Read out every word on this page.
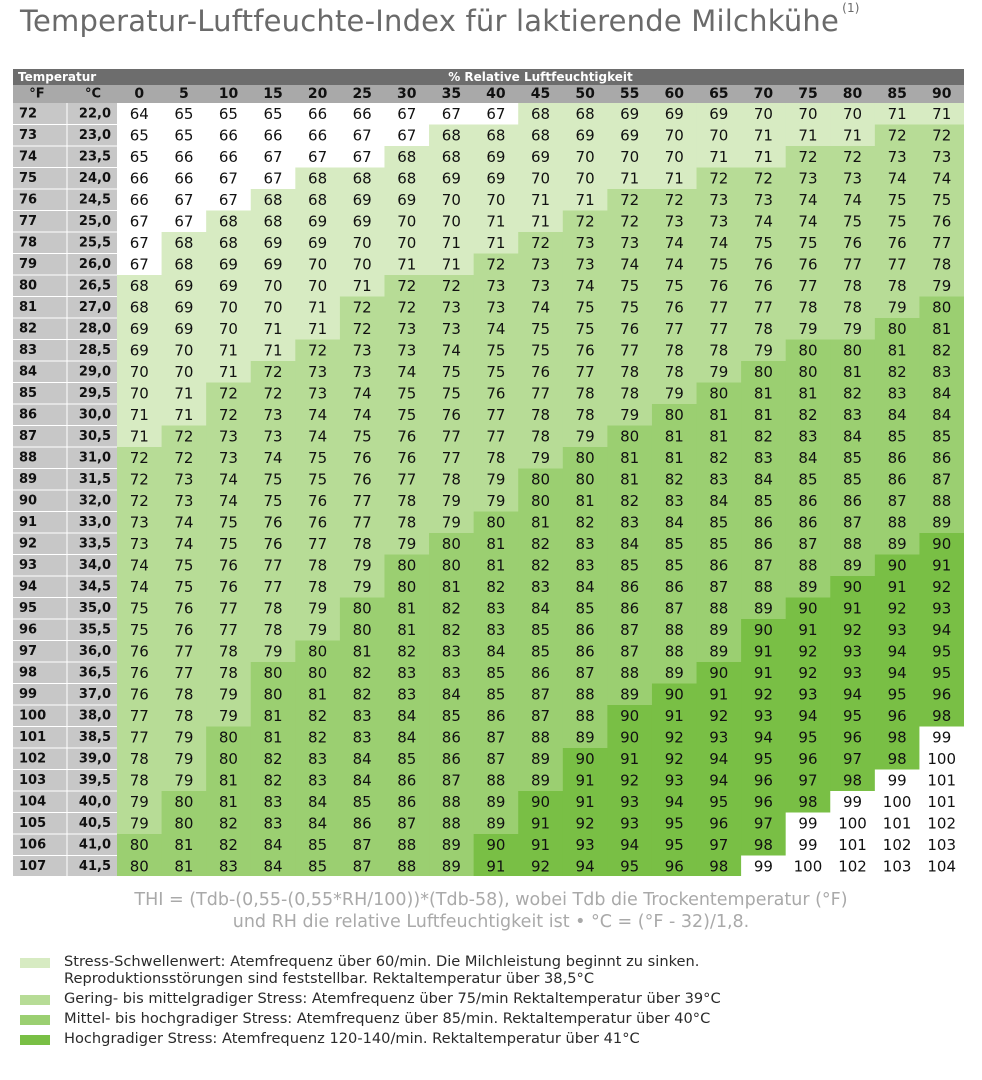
Temperatur-Luftfeuchte-Index für laktierende Milchkühe $^{(1)}$
Temperatur	% Relative Luftfeuchtigkeit
°F	°C 0 5 10 15 20 25 30 35 40 45 50 55 60 65 70 75 80 85 90
72	22,0 64 65 65 65 66 66 67 67 67 68 68 69 69 69 70 70 70 71 71
73	23,0 65 65 66 66 66 67 67 68 68 68 69 69 70 70 71 71 71 72 72
74	23,5 65 66 66 67 67 67 68 68 69 69 70 70 70 71 71 72 72 73 73
75	24,0 66 66 67 67 68 68 68 69 69 70 70 71 71 72 72 73 73 74 74
76	24,5 66 67 67 68 68 69 69 70 70 71 71 72 72 73 73 74 74 75 75
77	25,0 67 67 68 68 69 69 70 70 71 71 72 72 73 73 74 74 75 75 76
78	25,5 67 68 68 69 69 70 70 71 71 72 73 73 74 74 75 75 76 76 77
79	26,0 67 68 69 69 70 70 71 71 72 73 73 74 74 75 76 76 77 77 78
80	26,5 68 69 69 70 70 71 72 72 73 73 74 75 75 76 76 77 78 78 79
81	27,0 68 69 70 70 71 72 72 73 73 74 75 75 76 77 77 78 78 79 80
82	28,0 69 69 70 71 71 72 73 73 74 75 75 76 77 77 78 79 79 80 81
83	28,5 69 70 71 71 72 73 73 74 75 75 76 77 78 78 79 80 80 81 82
84	29,0 70 70 71 72 73 73 74 75 75 76 77 78 78 79 80 80 81 82 83
85	29,5 70 71 72 72 73 74 75 75 76 77 78 78 79 80 81 81 82 83 84
86	30,0 71 71 72 73 74 74 75 76 77 78 78 79 80 81 81 82 83 84 84
87	30,5 71 72 73 73 74 75 76 77 77 78 79 80 81 81 82 83 84 85 85
88	31,0 72 72 73 74 75 76 76 77 78 79 80 81 81 82 83 84 85 86 86
89	31,5 72 73 74 75 75 76 77 78 79 80 80 81 82 83 84 85 85 86 87
90	32,0 72 73 74 75 76 77 78 79 79 80 81 82 83 84 85 86 86 87 88
91	33,0 73 74 75 76 76 77 78 79 80 81 82 83 84 85 86 86 87 88 89
92	33,5 73 74 75 76 77 78 79 80 81 82 83 84 85 85 86 87 88 89 90
93	34,0 74 75 76 77 78 79 80 80 81 82 83 85 85 86 87 88 89 90 91
94	34,5 74 75 76 77 78 79 80 81 82 83 84 86 86 87 88 89 90 91 92
95	35,0 75 76 77 78 79 80 81 82 83 84 85 86 87 88 89 90 91 92 93
96	35,5 75 76 77 78 79 80 81 82 83 85 86 87 88 89 90 91 92 93 94
97	36,0 76 77 78 79 80 81 82 83 84 85 86 87 88 89 91 92 93 94 95
98	36,5 76 77 78 80 80 82 83 83 85 86 87 88 89 90 91 92 93 94 95
99	37,0 76 78 79 80 81 82 83 84 85 87 88 89 90 91 92 93 94 95 96
100	38,0 77 78 79 81 82 83 84 85 86 87 88 90 91 92 93 94 95 96 98
101	38,5 77 79 80 81 82 83 84 86 87 88 89 90 92 93 94 95 96 98 99
102	39,0 78 79 80 82 83 84 85 86 87 89 90 91 92 94 95 96 97 98 100
103	39,5 78 79 81 82 83 84 86 87 88 89 91 92 93 94 96 97 98 99 101
104	40,0 79 80 81 83 84 85 86 88 89 90 91 93 94 95 96 98 99 100 101
105	40,5 79 80 82 83 84 86 87 88 89 91 92 93 95 96 97 99 100 101 102
106	41,0 80 81 82 84 85 87 88 89 90 91 93 94 95 97 98 99 101 102 103
107	41,5 80 81 83 84 85 87 88 89 91 92 94 95 96 98 99 100 102 103 104
THI = (Tdb-(0,55-(0,55*RH/100))*(Tdb-58), wobei Tdb die Trockentemperatur (°F)
und RH die relative Luftfeuchtigkeit ist • °C = (°F - 32)/1,8.
Stress-Schwellenwert: Atemfrequenz über 60/min. Die Milchleistung beginnt zu sinken.
Reproduktionsstörungen sind feststellbar. Rektaltemperatur über 38,5°C
Gering- bis mittelgradiger Stress: Atemfrequenz über 75/min Rektaltemperatur über 39°C
Mittel- bis hochgradiger Stress: Atemfrequenz über 85/min. Rektaltemperatur über 40°C
Hochgradiger Stress: Atemfrequenz 120-140/min. Rektaltemperatur über 41°C
